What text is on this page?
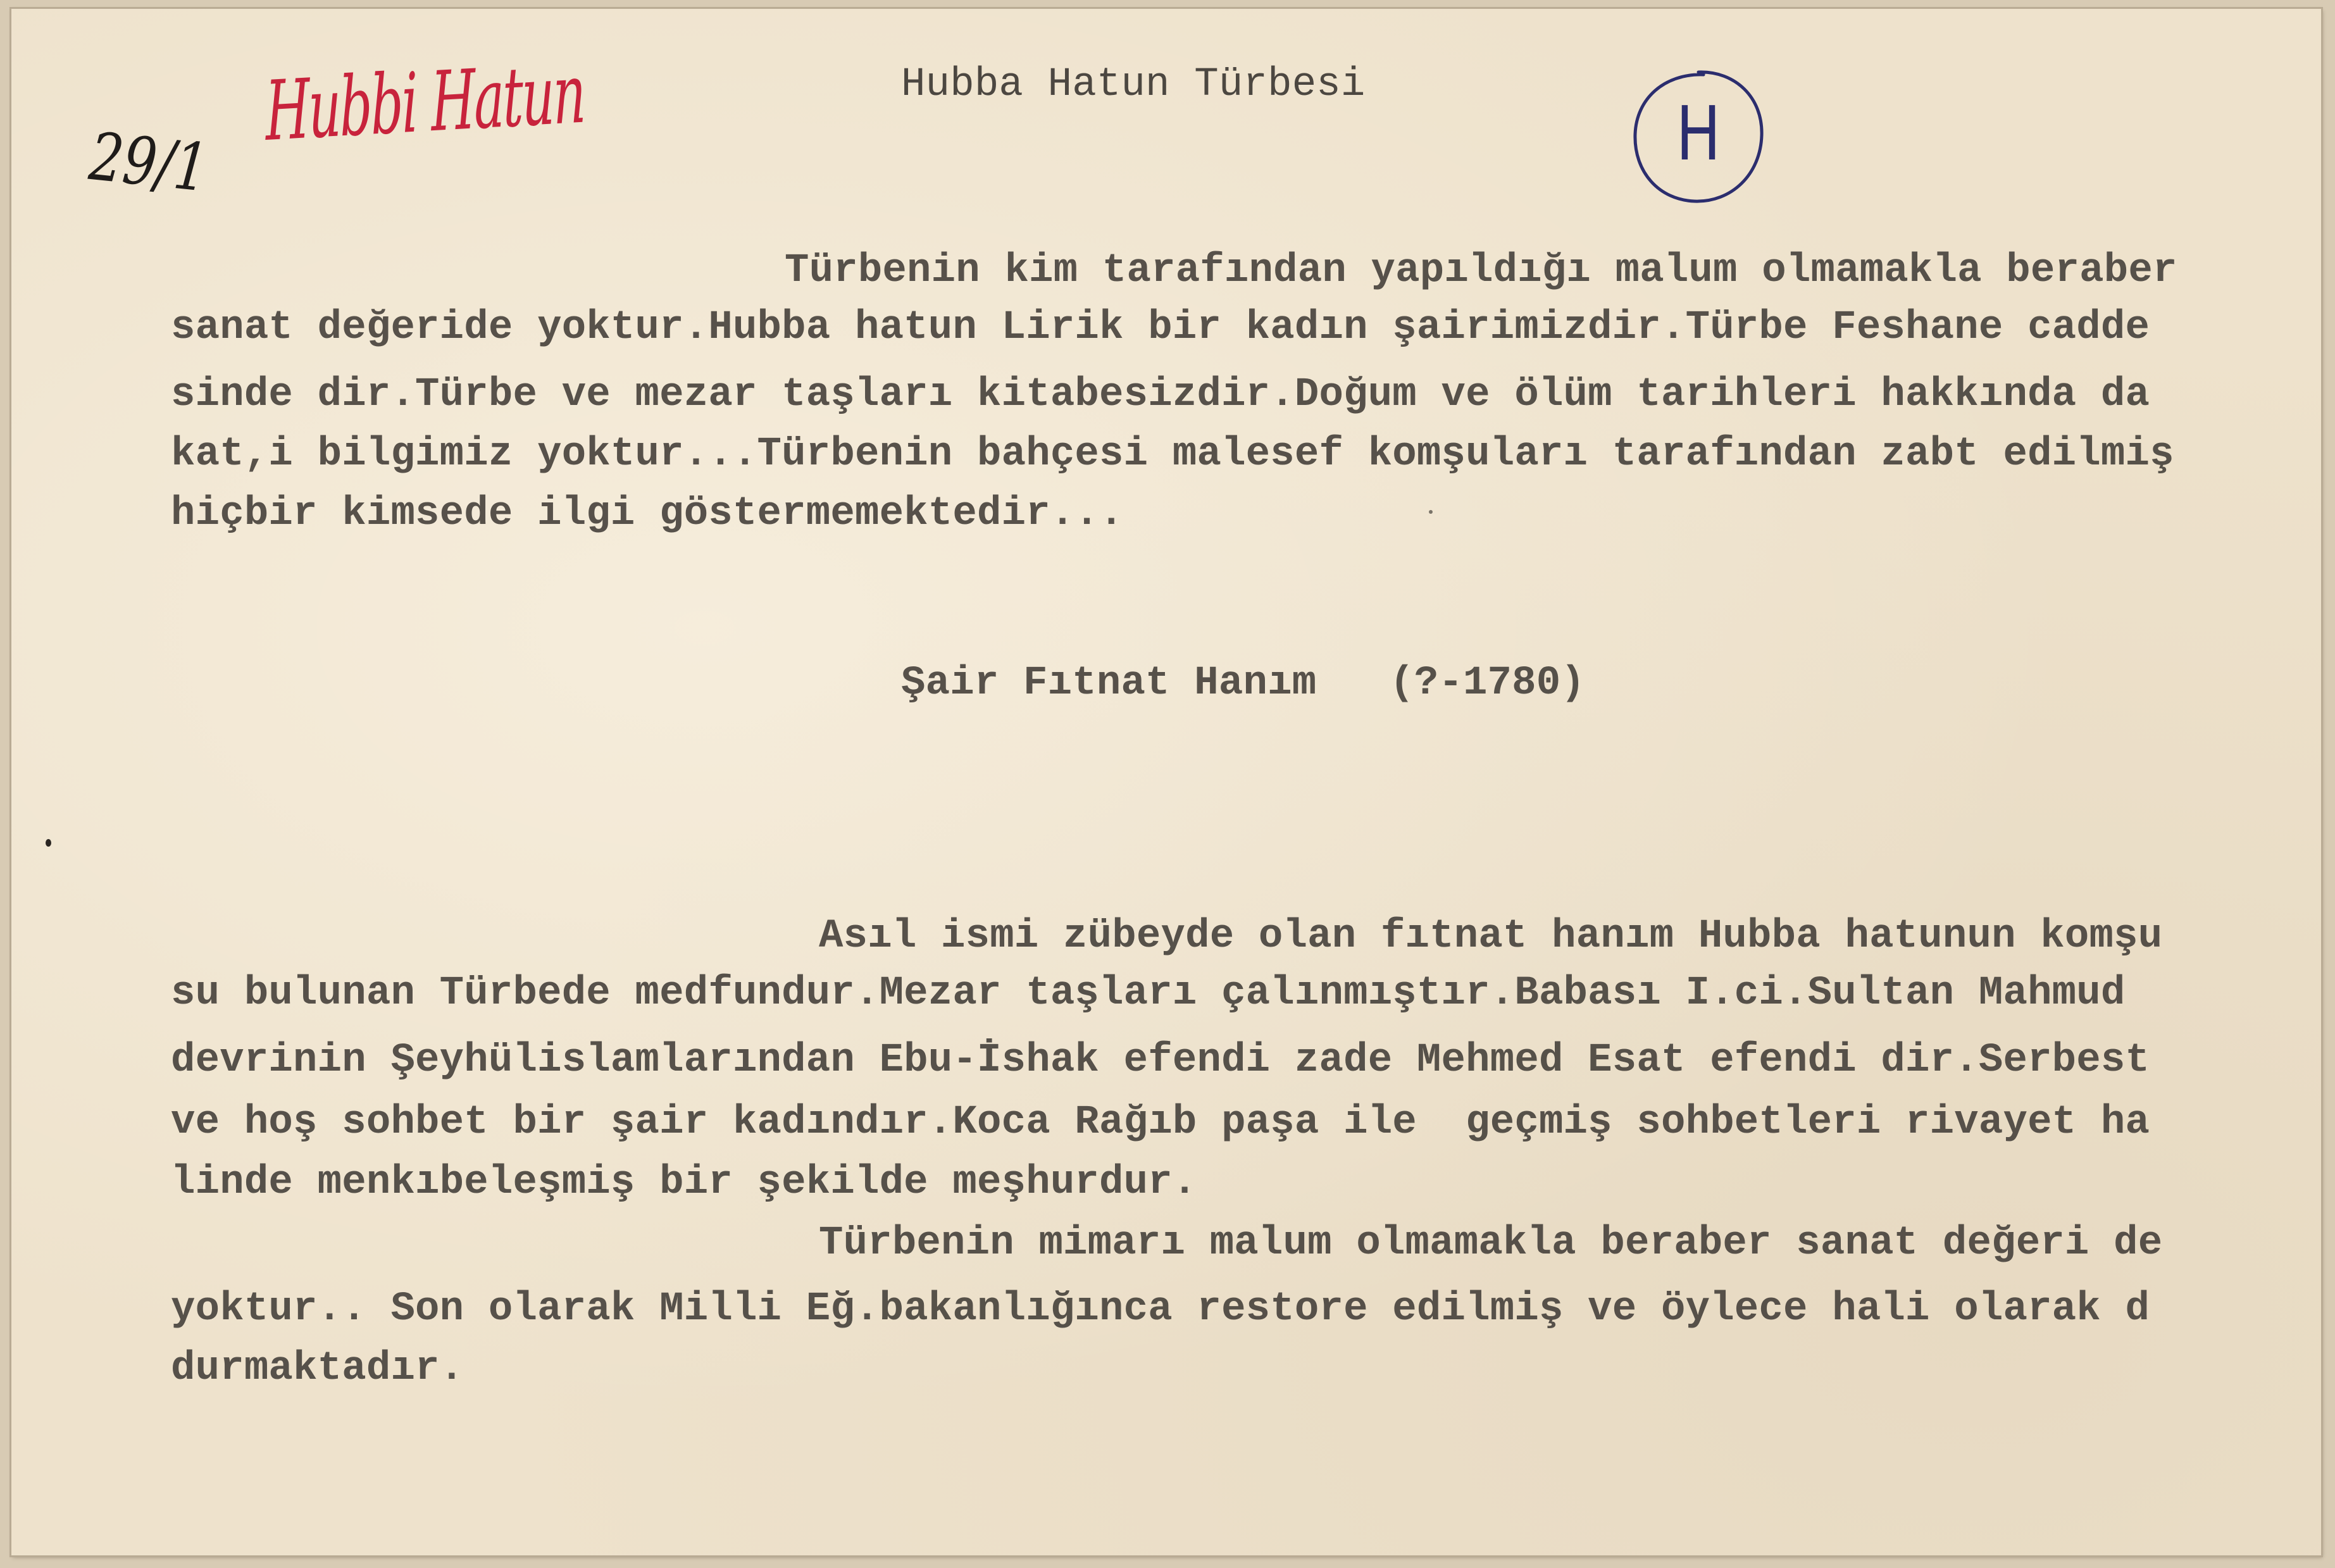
29/1
Hubbi Hatun	Hubba Hatun Türbesi
H
Türbenin kim tarafından yapıldığı malum olmamakla beraber
sanat değeride yoktur.Hubba hatun Lirik bir kadın şairimizdir.Türbe Feshane cadde
sinde dir.Türbe ve mezar taşları kitabesizdir.Doğum ve ölüm tarihleri hakkında da
kat,i bilgimiz yoktur...Türbenin bahçesi malesef komşuları tarafından zabt edilmiş
hiçbir kimsede ilgi göstermemektedir...
Şair Fıtnat Hanım   (?-1780)
Asıl ismi zübeyde olan fıtnat hanım Hubba hatunun komşu
su bulunan Türbede medfundur.Mezar taşları çalınmıştır.Babası I.ci.Sultan Mahmud
devrinin Şeyhülislamlarından Ebu-İshak efendi zade Mehmed Esat efendi dir.Serbest
ve hoş sohbet bir şair kadındır.Koca Rağıb paşa ile  geçmiş sohbetleri rivayet ha
linde menkıbeleşmiş bir şekilde meşhurdur.
Türbenin mimarı malum olmamakla beraber sanat değeri de
yoktur.. Son olarak Milli Eğ.bakanlığınca restore edilmiş ve öylece hali olarak d
durmaktadır.
